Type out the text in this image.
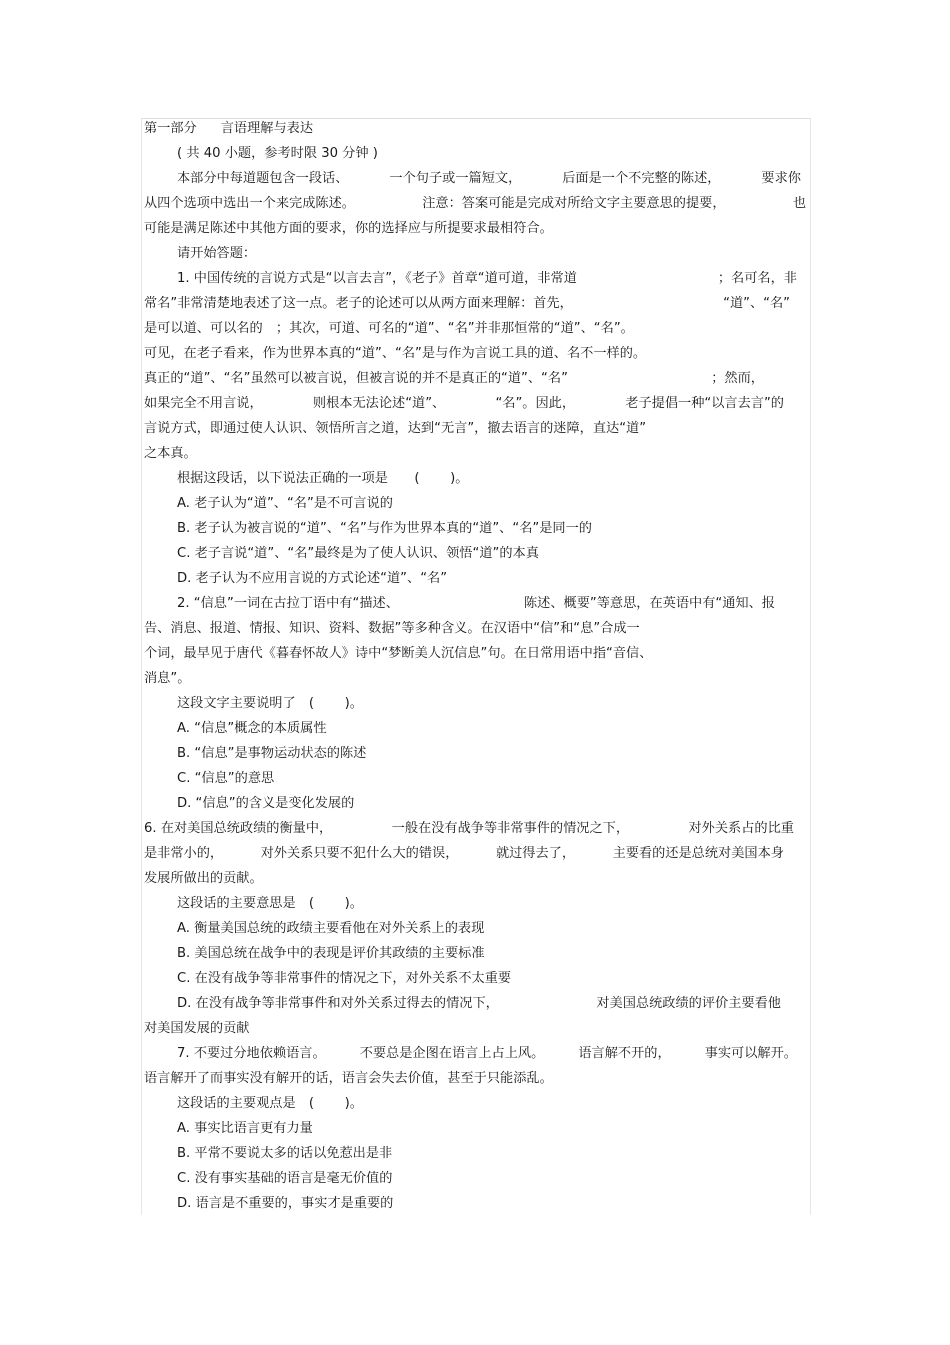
第一部分 言语理解与表达
( 共 40 小题，参考时限 30 分钟 )
本部分中每道题包含一段话、	一个句子或一篇短文，	后面是一个不完整的陈述，	要求你
从四个选项中选出一个来完成陈述。	注意：答案可能是完成对所给文字主要意思的提要，	也
可能是满足陈述中其他方面的要求，你的选择应与所提要求最相符合。
请开始答题：
1. 中国传统的言说方式是“以言去言”，《老子》首章“道可道，非常道	；名可名，非
常名”非常清楚地表述了这一点。老子的论述可以从两方面来理解：首先，	“道”、“名”
是可以道、可以名的　；其次，可道、可名的“道”、“名”并非那恒常的“道”、“名”。
可见，在老子看来，作为世界本真的“道”、“名”是与作为言说工具的道、名不一样的。
真正的“道”、“名”虽然可以被言说，但被言说的并不是真正的“道”、“名”	；然而，
如果完全不用言说，	则根本无法论述“道”、	“名”。因此，	老子提倡一种“以言去言”的
言说方式，即通过使人认识、领悟所言之道，达到“无言”，撤去语言的迷障，直达“道”
之本真。
根据这段话，以下说法正确的一项是　　(　　 )。
A. 老子认为“道”、“名”是不可言说的
B. 老子认为被言说的“道”、“名”与作为世界本真的“道”、“名”是同一的
C. 老子言说“道”、“名”最终是为了使人认识、领悟“道”的本真
D. 老子认为不应用言说的方式论述“道”、“名”
2. “信息”一词在古拉丁语中有“描述、	陈述、概要”等意思，在英语中有“通知、报
告、消息、报道、情报、知识、资料、数据”等多种含义。在汉语中“信”和“息”合成一
个词，最早见于唐代《暮春怀故人》诗中“梦断美人沉信息”句。在日常用语中指“音信、
消息”。
这段文字主要说明了　(　　 )。
A. “信息”概念的本质属性
B. “信息”是事物运动状态的陈述
C. “信息”的意思
D. “信息”的含义是变化发展的
6. 在对美国总统政绩的衡量中，	一般在没有战争等非常事件的情况之下，	对外关系占的比重
是非常小的，	对外关系只要不犯什么大的错误，	就过得去了，	主要看的还是总统对美国本身
发展所做出的贡献。
这段话的主要意思是　(　　 )。
A. 衡量美国总统的政绩主要看他在对外关系上的表现
B. 美国总统在战争中的表现是评价其政绩的主要标准
C. 在没有战争等非常事件的情况之下，对外关系不太重要
D. 在没有战争等非常事件和对外关系过得去的情况下，	对美国总统政绩的评价主要看他
对美国发展的贡献
7. 不要过分地依赖语言。	不要总是企图在语言上占上风。	语言解不开的，	事实可以解开。
语言解开了而事实没有解开的话，语言会失去价值，甚至于只能添乱。
这段话的主要观点是　(　　 )。
A. 事实比语言更有力量
B. 平常不要说太多的话以免惹出是非
C. 没有事实基础的语言是毫无价值的
D. 语言是不重要的，事实才是重要的
